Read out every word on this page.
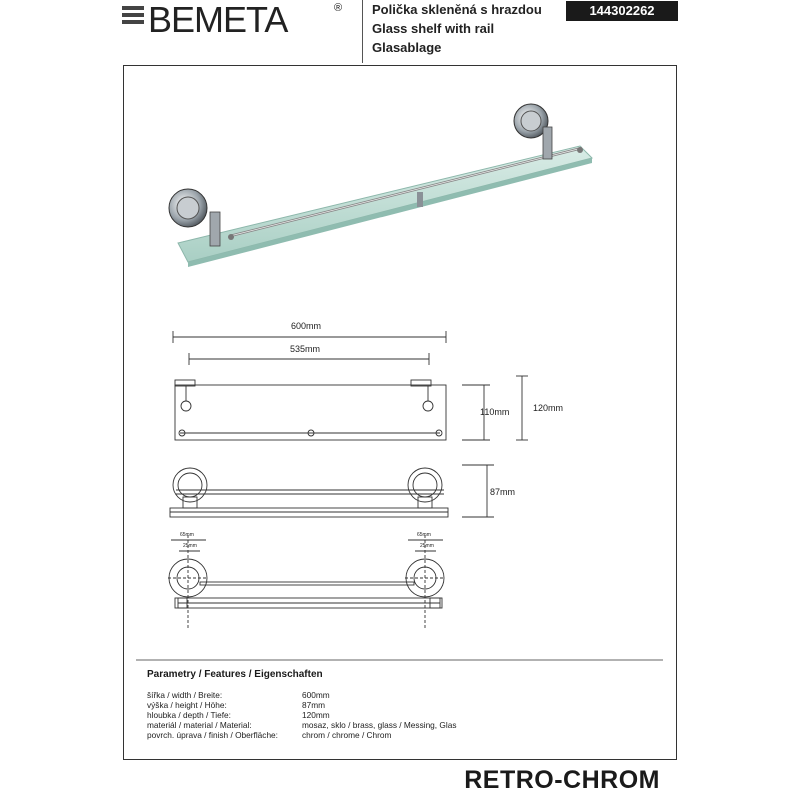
BEMETA	® Polička skleněná s hrazdou
Glass shelf with rail
Glasablage
144302262
600mm
535mm
110mm	120mm
87mm
65mm
25mm
65mm
25mm
Parametry / Features / Eigenschaften
šířka / width / Breite:	600mm
výška / height / Höhe:	87mm
hloubka / depth / Tiefe:	120mm
materiál / material / Material:	mosaz, sklo / brass, glass / Messing, Glas
povrch. úprava / finish / Oberfläche:	chrom / chrome / Chrom
RETRO-CHROM
